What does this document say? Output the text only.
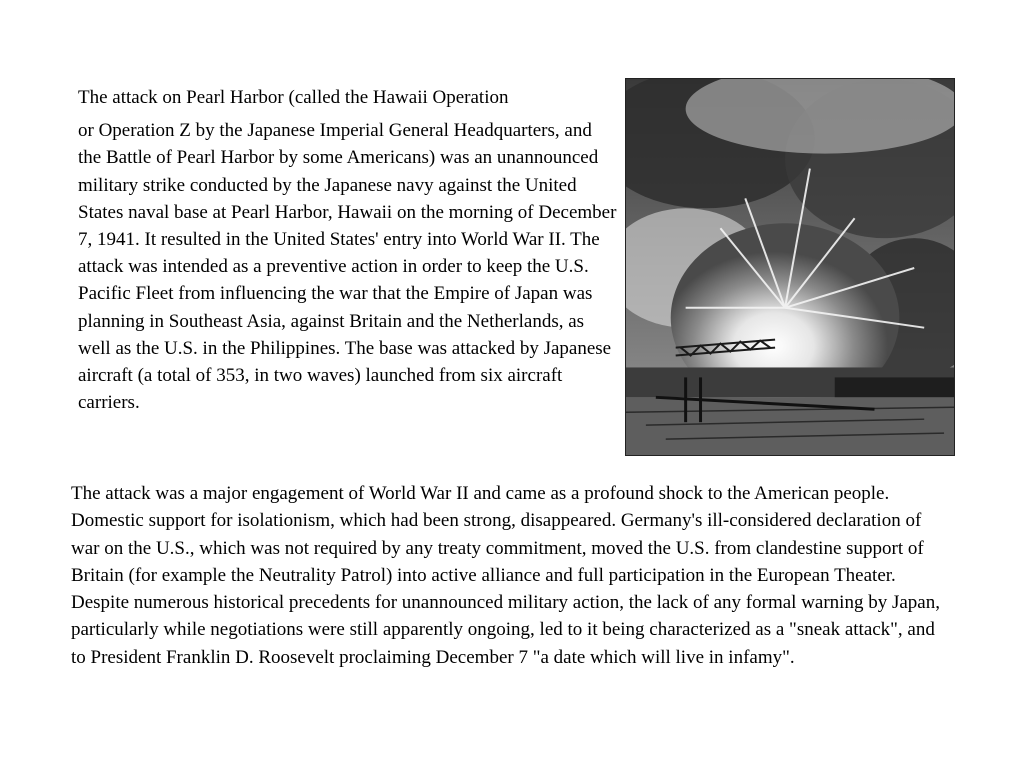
The attack on Pearl Harbor (called the Hawaii Operation
or Operation Z by the Japanese Imperial General Headquarters, and the Battle of Pearl Harbor by some Americans) was an unannounced military strike conducted by the Japanese navy against the United States naval base at Pearl Harbor, Hawaii on the morning of December 7, 1941. It resulted in the United States' entry into World War II. The attack was intended as a preventive action in order to keep the U.S. Pacific Fleet from influencing the war that the Empire of Japan was planning in Southeast Asia, against Britain and the Netherlands, as well as the U.S. in the Philippines. The base was attacked by Japanese aircraft (a total of 353, in two waves) launched from six aircraft carriers.

The attack was a major engagement of World War II and came as a profound shock to the American people. Domestic support for isolationism, which had been strong, disappeared. Germany's ill-considered declaration of war on the U.S., which was not required by any treaty commitment, moved the U.S. from clandestine support of Britain (for example the Neutrality Patrol) into active alliance and full participation in the European Theater. Despite numerous historical precedents for unannounced military action, the lack of any formal warning by Japan, particularly while negotiations were still apparently ongoing, led to it being characterized as a "sneak attack", and to President Franklin D. Roosevelt proclaiming December 7 "a date which will live in infamy".
